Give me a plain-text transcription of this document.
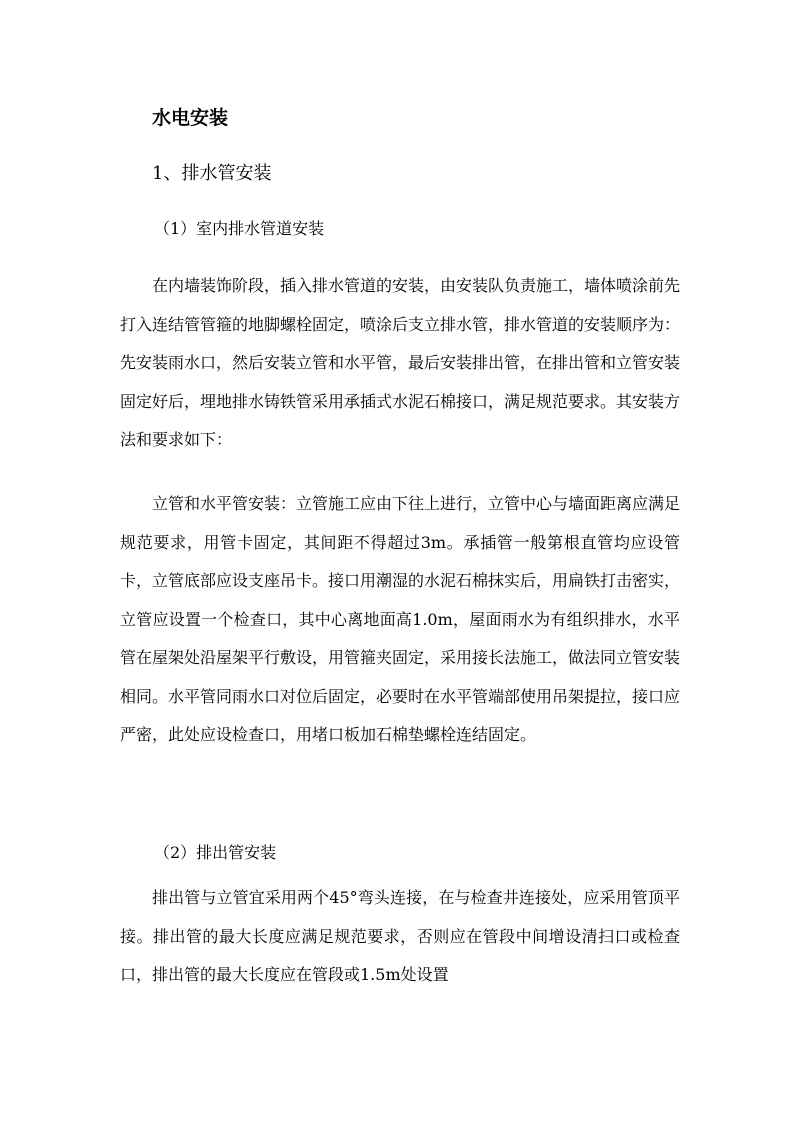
水电安装
1、排水管安装
（1）室内排水管道安装

在内墙装饰阶段，插入排水管道的安装，由安装队负责施工，墙体喷涂前先打入连结管管箍的地脚螺栓固定，喷涂后支立排水管，排水管道的安装顺序为：先安装雨水口，然后安装立管和水平管，最后安装排出管，在排出管和立管安装固定好后，埋地排水铸铁管采用承插式水泥石棉接口，满足规范要求。其安装方法和要求如下：

立管和水平管安装：立管施工应由下往上进行，立管中心与墙面距离应满足规范要求，用管卡固定，其间距不得超过3m。承插管一般第根直管均应设管卡，立管底部应设支座吊卡。接口用潮湿的水泥石棉抹实后，用扁铁打击密实，立管应设置一个检查口，其中心离地面高1.0m，屋面雨水为有组织排水，水平管在屋架处沿屋架平行敷设，用管箍夹固定，采用接长法施工，做法同立管安装相同。水平管同雨水口对位后固定，必要时在水平管端部使用吊架提拉，接口应严密，此处应设检查口，用堵口板加石棉垫螺栓连结固定。

（2）排出管安装

排出管与立管宜采用两个45°弯头连接，在与检查井连接处，应采用管顶平接。排出管的最大长度应满足规范要求，否则应在管段中间增设清扫口或检查口，排出管的最大长度应在管段或1.5m处设置
